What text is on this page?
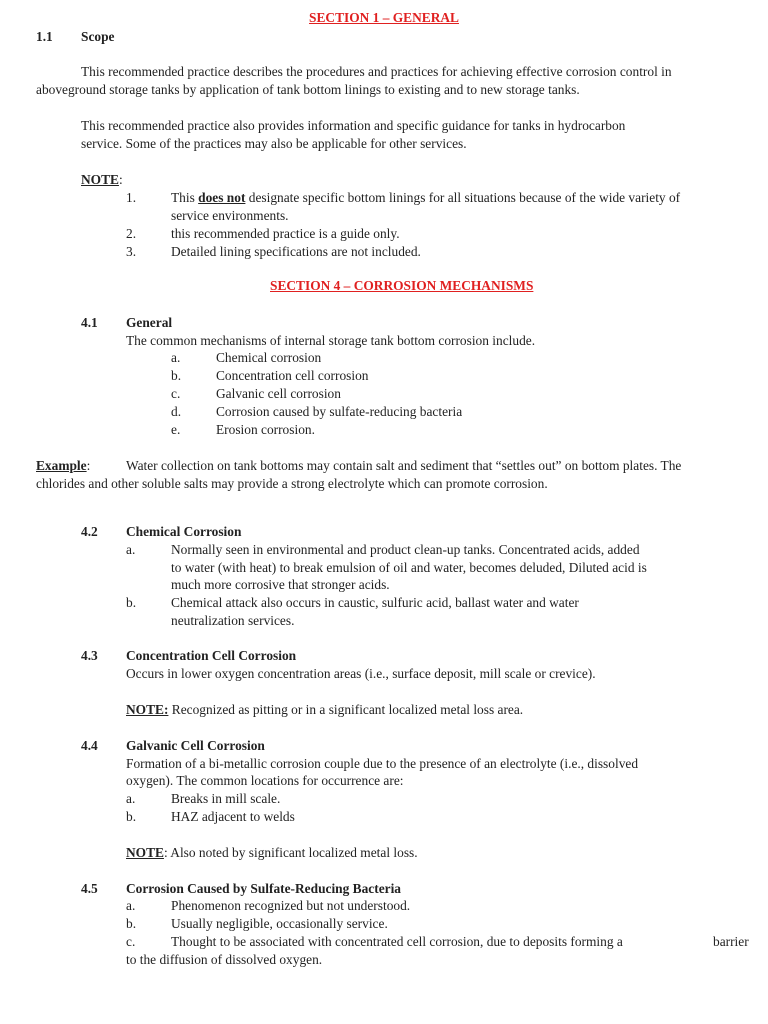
SECTION 1 – GENERAL
1.1 Scope
This recommended practice describes the procedures and practices for achieving effective corrosion control in
aboveground storage tanks by application of tank bottom linings to existing and to new storage tanks.
This recommended practice also provides information and specific guidance for tanks in hydrocarbon
service. Some of the practices may also be applicable for other services.
NOTE:
1.	This does not designate specific bottom linings for all situations because of the wide variety of
service environments.
2.	this recommended practice is a guide only.
3.	Detailed lining specifications are not included.
SECTION 4 – CORROSION MECHANISMS
4.1 General
The common mechanisms of internal storage tank bottom corrosion include.
a.	Chemical corrosion
b.	Concentration cell corrosion
c.	Galvanic cell corrosion
d.	Corrosion caused by sulfate-reducing bacteria
e.	Erosion corrosion.
Example:	Water collection on tank bottoms may contain salt and sediment that “settles out” on bottom plates. The
chlorides and other soluble salts may provide a strong electrolyte which can promote corrosion.
4.2 Chemical Corrosion
a.	Normally seen in environmental and product clean-up tanks. Concentrated acids, added
to water (with heat) to break emulsion of oil and water, becomes deluded, Diluted acid is
much more corrosive that stronger acids.
b.	Chemical attack also occurs in caustic, sulfuric acid, ballast water and water
neutralization services.
4.3 Concentration Cell Corrosion
Occurs in lower oxygen concentration areas (i.e., surface deposit, mill scale or crevice).
NOTE: Recognized as pitting or in a significant localized metal loss area.
4.4 Galvanic Cell Corrosion
Formation of a bi-metallic corrosion couple due to the presence of an electrolyte (i.e., dissolved
oxygen). The common locations for occurrence are:
a.	Breaks in mill scale.
b.	HAZ adjacent to welds
NOTE: Also noted by significant localized metal loss.
4.5 Corrosion Caused by Sulfate-Reducing Bacteria
a.	Phenomenon recognized but not understood.
b.	Usually negligible, occasionally service.
c.	Thought to be associated with concentrated cell corrosion, due to deposits forming a	barrier
to the diffusion of dissolved oxygen.
